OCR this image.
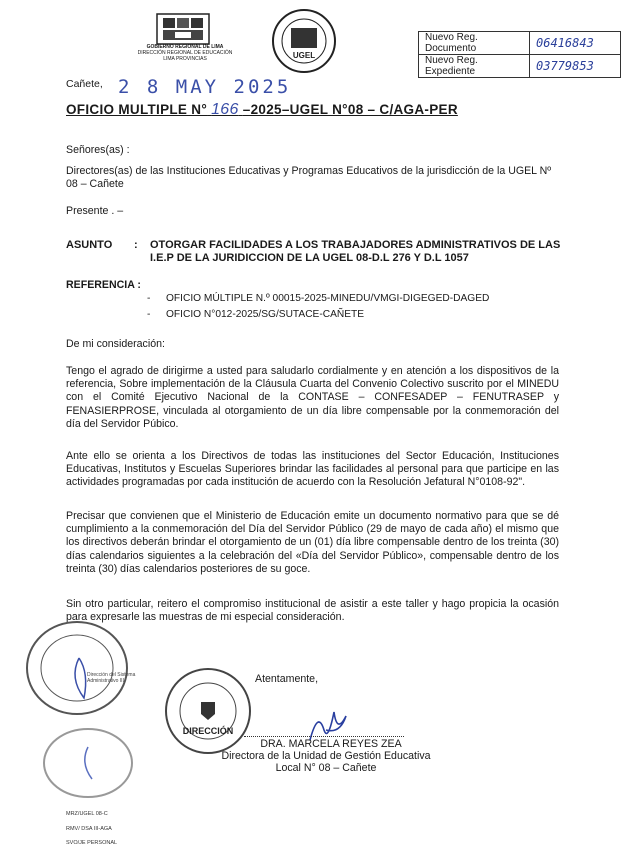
GOBIERNO REGIONAL DE LIMA
DIRECCIÓN REGIONAL DE EDUCACIÓN
LIMA PROVINCIAS	UGEL
Nuevo Reg. Documento	06416843
Nuevo Reg. Expediente	03779853
Cañete, 2 8 MAY 2025
OFICIO MULTIPLE N° 166 –2025–UGEL N°08 – C/AGA-PER
Señores(as) :
Directores(as) de las Instituciones Educativas y Programas Educativos de la jurisdicción de la UGEL Nº 08 – Cañete
Presente . –
ASUNTO : OTORGAR FACILIDADES A LOS TRABAJADORES ADMINISTRATIVOS DE LAS I.E.P DE LA JURIDICCION DE LA UGEL 08-D.L 276 Y D.L 1057
REFERENCIA :
- OFICIO MÚLTIPLE N.º 00015-2025-MINEDU/VMGI-DIGEGED-DAGED
- OFICIO N°012-2025/SG/SUTACE-CAÑETE
De mi consideración:
Tengo el agrado de dirigirme a usted para saludarlo cordialmente y en atención a los dispositivos de la referencia, Sobre implementación de la Cláusula Cuarta del Convenio Colectivo suscrito por el MINEDU con el Comité Ejecutivo Nacional de la CONTASE – CONFESADEP – FENUTRASEP y FENASIERPROSE, vinculada al otorgamiento de un día libre compensable por la conmemoración del día del Servidor Púbico.
Ante ello se orienta a los Directivos de todas las instituciones del Sector Educación, Instituciones Educativas, Institutos y Escuelas Superiores brindar las facilidades al personal para que participe en las actividades programadas por cada institución de acuerdo con la Resolución Jefatural N°0108-92".
Precisar que convienen que el Ministerio de Educación emite un documento normativo para que se dé cumplimiento a la conmemoración del Día del Servidor Público (29 de mayo de cada año) el mismo que los directivos deberán brindar el otorgamiento de un (01) día libre compensable dentro de los treinta (30) días calendarios siguientes a la celebración del «Día del Servidor Público», compensable dentro de los treinta (30) días calendarios posteriores de su goce.
Sin otro particular, reitero el compromiso institucional de asistir a este taller y hago propicia la ocasión para expresarle las muestras de mi especial consideración.
Dirección del Sistema
Administrativo III
DIRECCIÓN
Atentamente,
DRA. MARCELA REYES ZEA
Directora de la Unidad de Gestión Educativa
Local N° 08 – Cañete
MRZ/UGEL 08-C
RMV/ DSA III-AGA
SVO/JE PERSONAL
